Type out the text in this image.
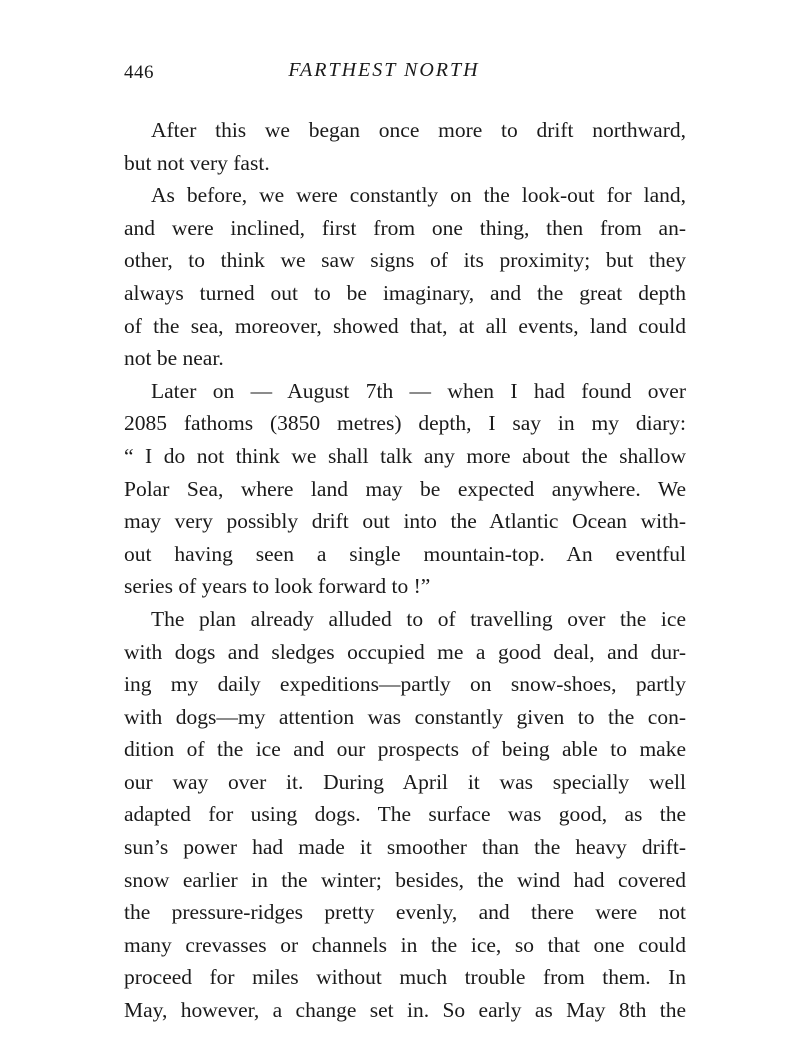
446	FARTHEST NORTH
After this we began once more to drift northward,
but not very fast.
As before, we were constantly on the look-out for land,
and were inclined, first from one thing, then from an-
other, to think we saw signs of its proximity; but they
always turned out to be imaginary, and the great depth
of the sea, moreover, showed that, at all events, land could
not be near.
Later on — August 7th — when I had found over
2085 fathoms (3850 metres) depth, I say in my diary:
“ I do not think we shall talk any more about the shallow
Polar Sea, where land may be expected anywhere. We
may very possibly drift out into the Atlantic Ocean with-
out having seen a single mountain-top. An eventful
series of years to look forward to !”
The plan already alluded to of travelling over the ice
with dogs and sledges occupied me a good deal, and dur-
ing my daily expeditions—partly on snow-shoes, partly
with dogs—my attention was constantly given to the con-
dition of the ice and our prospects of being able to make
our way over it. During April it was specially well
adapted for using dogs. The surface was good, as the
sun’s power had made it smoother than the heavy drift-
snow earlier in the winter; besides, the wind had covered
the pressure-ridges pretty evenly, and there were not
many crevasses or channels in the ice, so that one could
proceed for miles without much trouble from them. In
May, however, a change set in. So early as May 8th the
